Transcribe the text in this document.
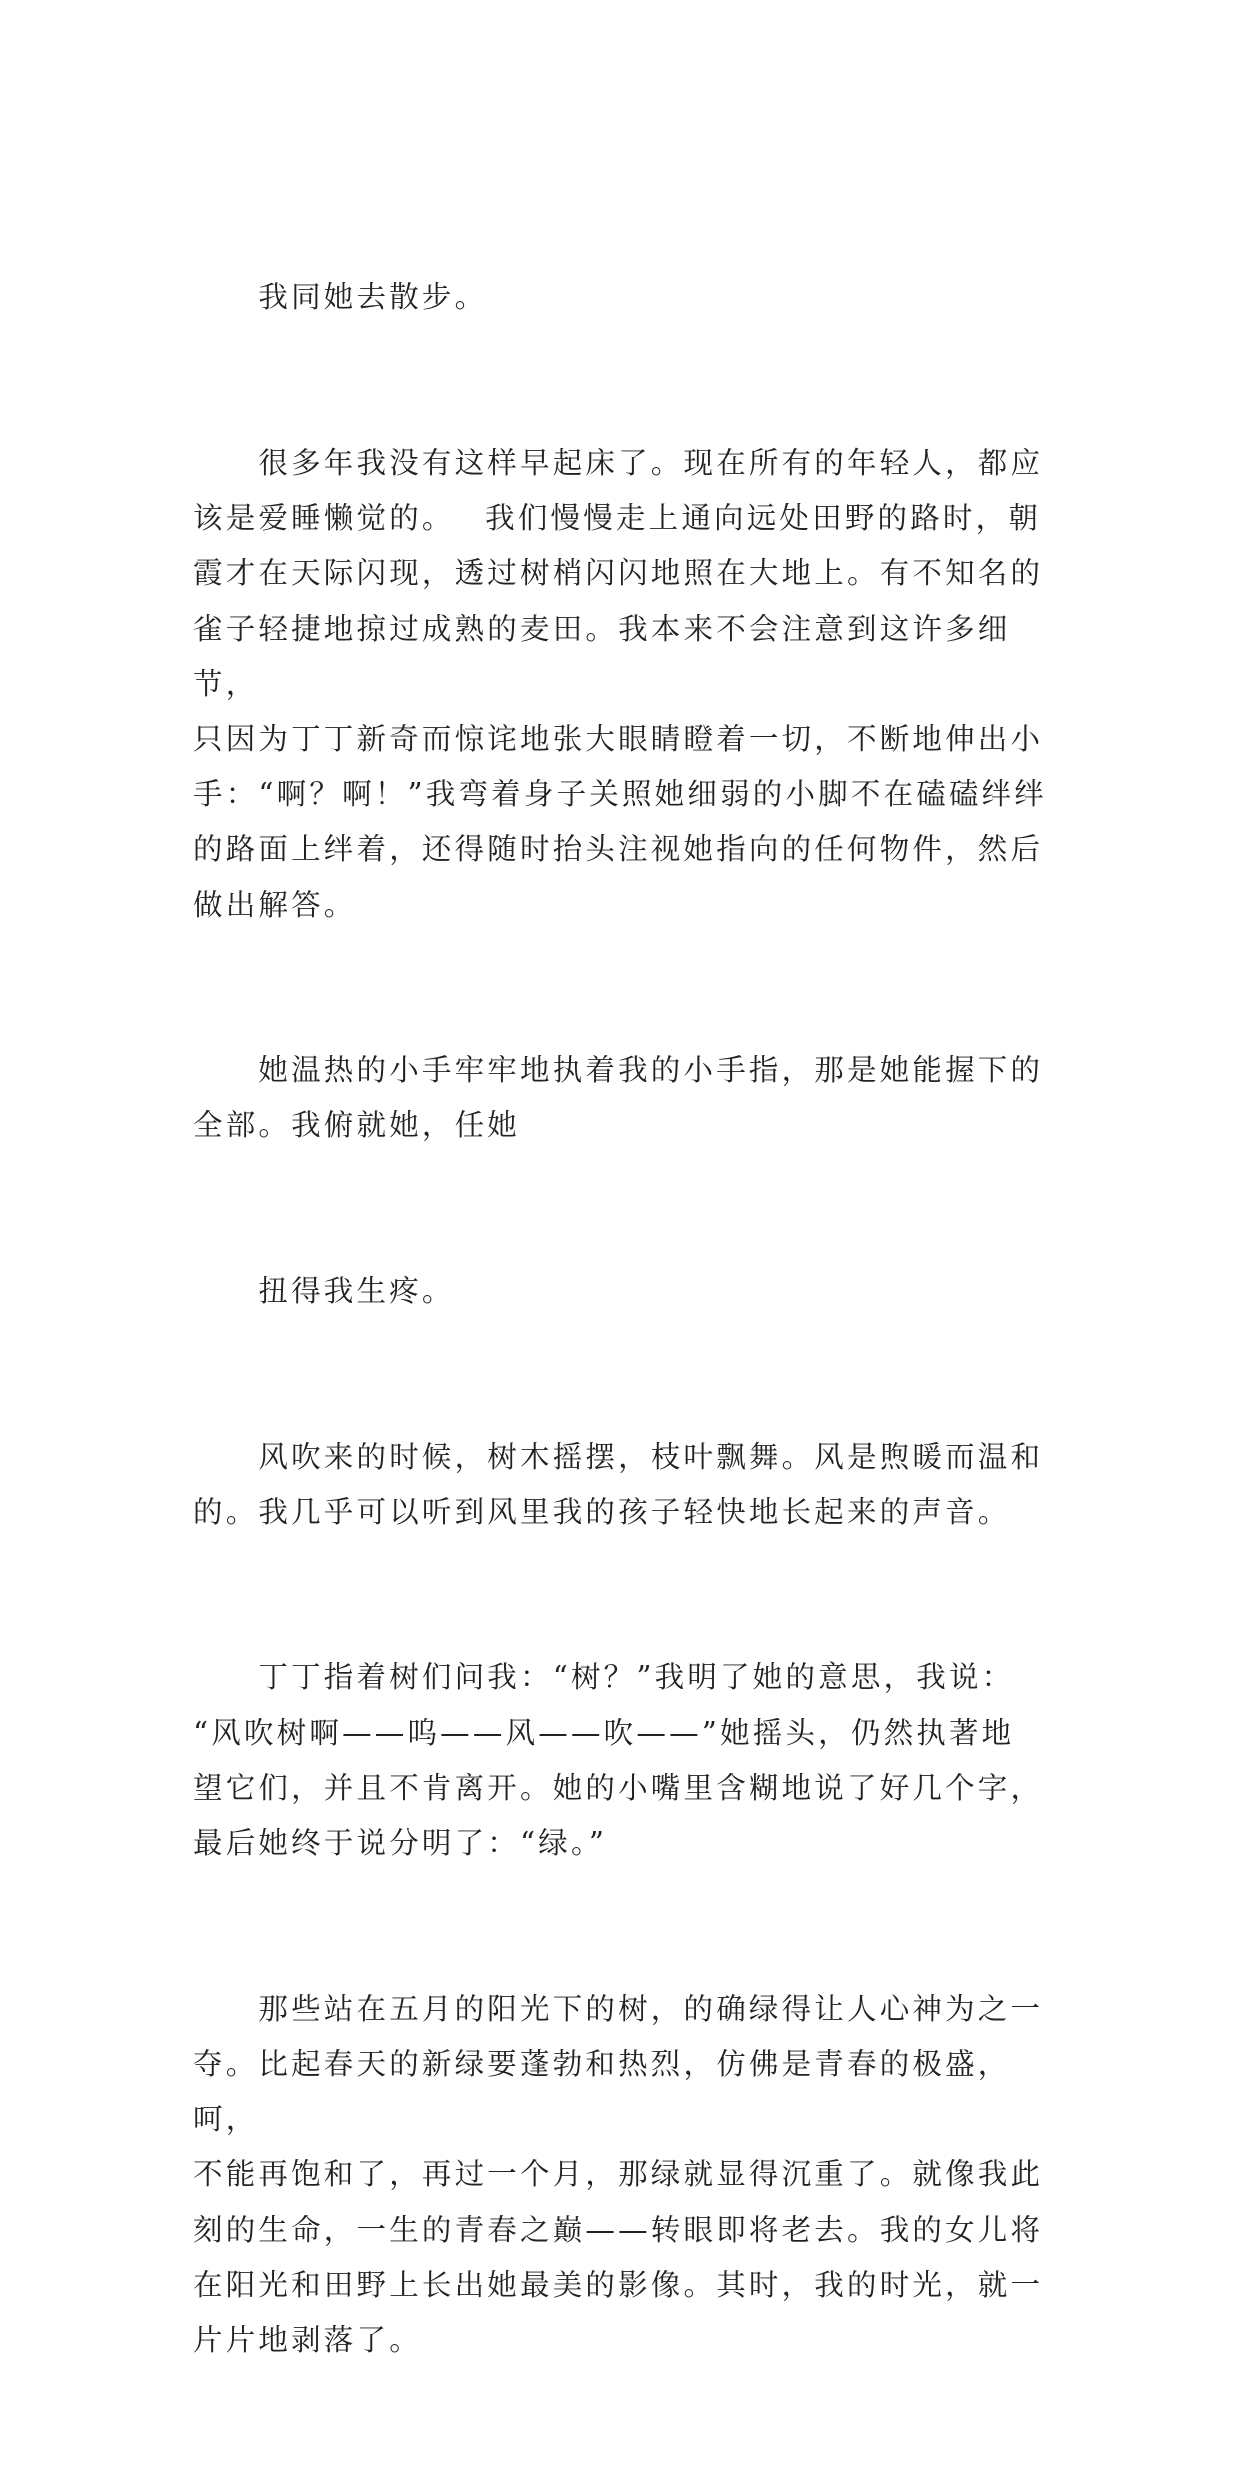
　　我同她去散步。

　　很多年我没有这样早起床了。现在所有的年轻人，都应
该是爱睡懒觉的。　 我们慢慢走上通向远处田野的路时，朝
霞才在天际闪现，透过树梢闪闪地照在大地上。有不知名的
雀子轻捷地掠过成熟的麦田。我本来不会注意到这许多细节，
只因为丁丁新奇而惊诧地张大眼睛瞪着一切，不断地伸出小
手：“啊？啊！”我弯着身子关照她细弱的小脚不在磕磕绊绊
的路面上绊着，还得随时抬头注视她指向的任何物件，然后
做出解答。

　　她温热的小手牢牢地执着我的小手指，那是她能握下的
全部。我俯就她，任她

　　扭得我生疼。

　　风吹来的时候，树木摇摆，枝叶飘舞。风是煦暖而温和
的。我几乎可以听到风里我的孩子轻快地长起来的声音。

　　丁丁指着树们问我：“树？”我明了她的意思，我说：
“风吹树啊——呜——风——吹——”她摇头，仍然执著地
望它们，并且不肯离开。她的小嘴里含糊地说了好几个字，
最后她终于说分明了：“绿。”

　　那些站在五月的阳光下的树，的确绿得让人心神为之一
夺。比起春天的新绿要蓬勃和热烈，仿佛是青春的极盛，呵，
不能再饱和了，再过一个月，那绿就显得沉重了。就像我此
刻的生命，一生的青春之巅——转眼即将老去。我的女儿将
在阳光和田野上长出她最美的影像。其时，我的时光，就一
片片地剥落了。
